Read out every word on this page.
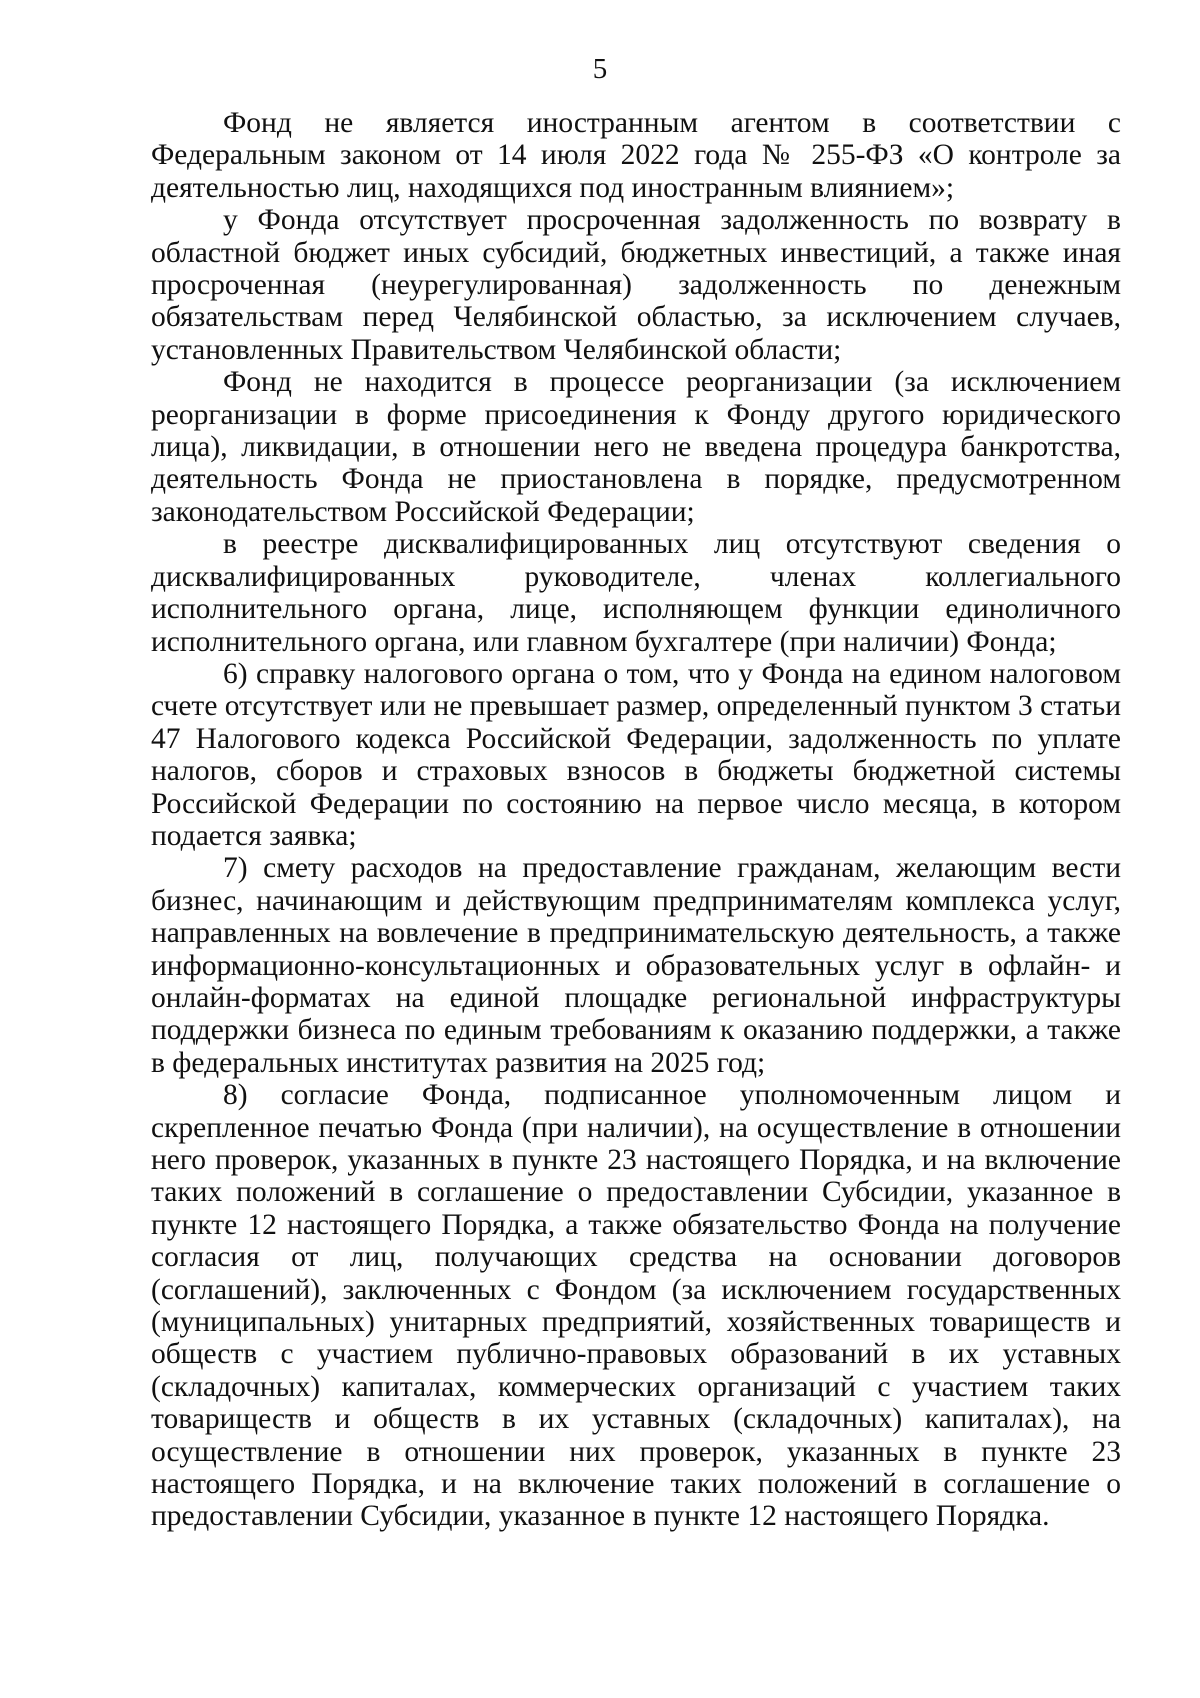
5

Фонд не является иностранным агентом в соответствии с Федеральным законом от 14 июля 2022 года № 255-ФЗ «О контроле за деятельностью лиц, находящихся под иностранным влиянием»;

у Фонда отсутствует просроченная задолженность по возврату в областной бюджет иных субсидий, бюджетных инвестиций, а также иная просроченная (неурегулированная) задолженность по денежным обязательствам перед Челябинской областью, за исключением случаев, установленных Правительством Челябинской области;

Фонд не находится в процессе реорганизации (за исключением реорганизации в форме присоединения к Фонду другого юридического лица), ликвидации, в отношении него не введена процедура банкротства, деятельность Фонда не приостановлена в порядке, предусмотренном законодательством Российской Федерации;

в реестре дисквалифицированных лиц отсутствуют сведения о дисквалифицированных руководителе, членах коллегиального исполнительного органа, лице, исполняющем функции единоличного исполнительного органа, или главном бухгалтере (при наличии) Фонда;

6) справку налогового органа о том, что у Фонда на едином налоговом счете отсутствует или не превышает размер, определенный пунктом 3 статьи 47 Налогового кодекса Российской Федерации, задолженность по уплате налогов, сборов и страховых взносов в бюджеты бюджетной системы Российской Федерации по состоянию на первое число месяца, в котором подается заявка;

7) смету расходов на предоставление гражданам, желающим вести бизнес, начинающим и действующим предпринимателям комплекса услуг, направленных на вовлечение в предпринимательскую деятельность, а также информационно-консультационных и образовательных услуг в офлайн- и онлайн-форматах на единой площадке региональной инфраструктуры поддержки бизнеса по единым требованиям к оказанию поддержки, а также в федеральных институтах развития на 2025 год;

8) согласие Фонда, подписанное уполномоченным лицом и скрепленное печатью Фонда (при наличии), на осуществление в отношении него проверок, указанных в пункте 23 настоящего Порядка, и на включение таких положений в соглашение о предоставлении Субсидии, указанное в пункте 12 настоящего Порядка, а также обязательство Фонда на получение согласия от лиц, получающих средства на основании договоров (соглашений), заключенных с Фондом (за исключением государственных (муниципальных) унитарных предприятий, хозяйственных товариществ и обществ с участием публично-правовых образований в их уставных (складочных) капиталах, коммерческих организаций с участием таких товариществ и обществ в их уставных (складочных) капиталах), на осуществление в отношении них проверок, указанных в пункте 23 настоящего Порядка, и на включение таких положений в соглашение о предоставлении Субсидии, указанное в пункте 12 настоящего Порядка.
